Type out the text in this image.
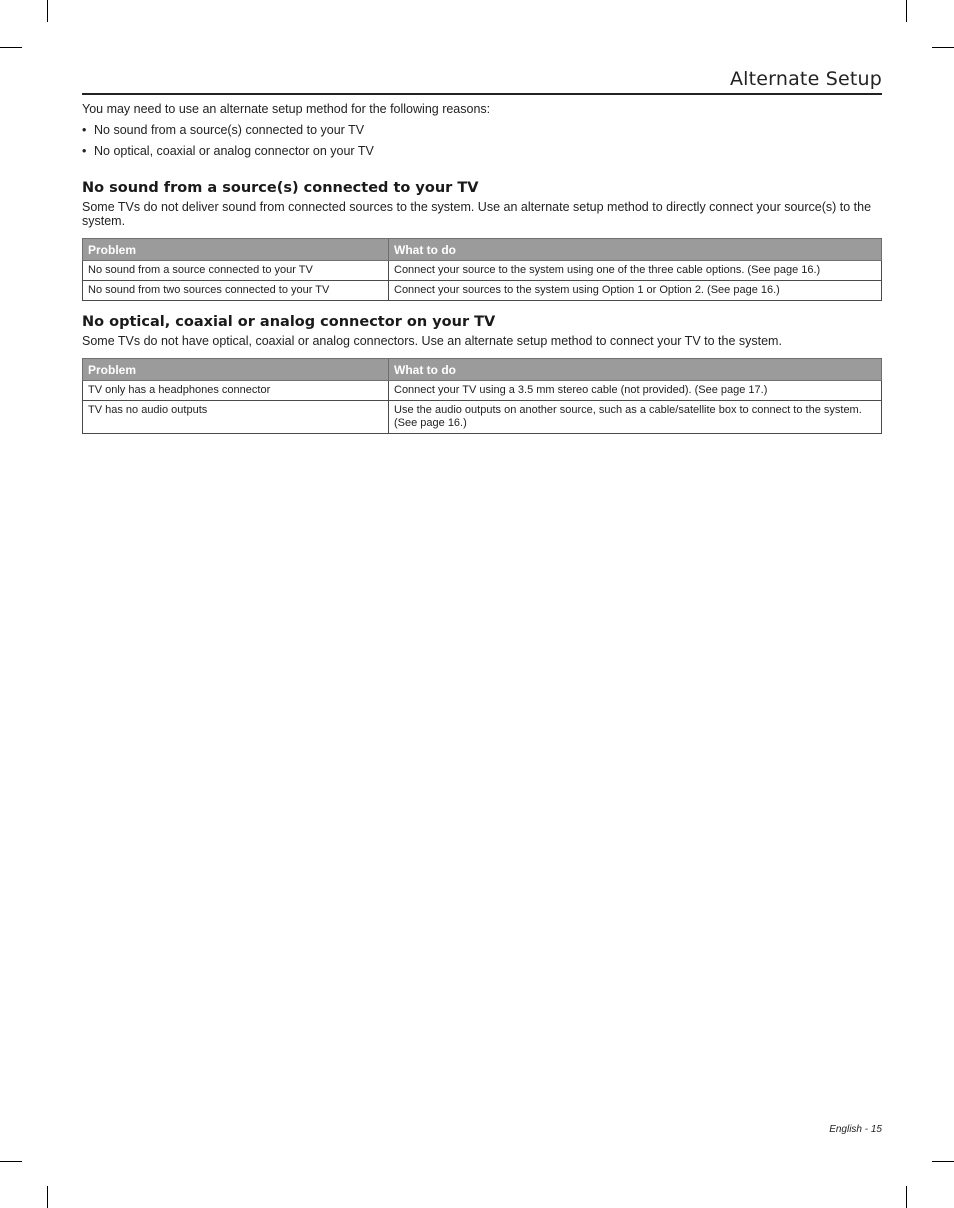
Alternate Setup

You may need to use an alternate setup method for the following reasons:

• No sound from a source(s) connected to your TV
• No optical, coaxial or analog connector on your TV
No sound from a source(s) connected to your TV

Some TVs do not deliver sound from connected sources to the system. Use an alternate setup method to directly connect your source(s) to the system.

Problem	What to do
No sound from a source connected to your TV	Connect your source to the system using one of the three cable options. (See page 16.)
No sound from two sources connected to your TV	Connect your sources to the system using Option 1 or Option 2. (See page 16.)
No optical, coaxial or analog connector on your TV

Some TVs do not have optical, coaxial or analog connectors. Use an alternate setup method to connect your TV to the system.

Problem	What to do
TV only has a headphones connector	Connect your TV using a 3.5 mm stereo cable (not provided). (See page 17.)
TV has no audio outputs	Use the audio outputs on another source, such as a cable/satellite box to connect to the system. (See page 16.)
English - 15
